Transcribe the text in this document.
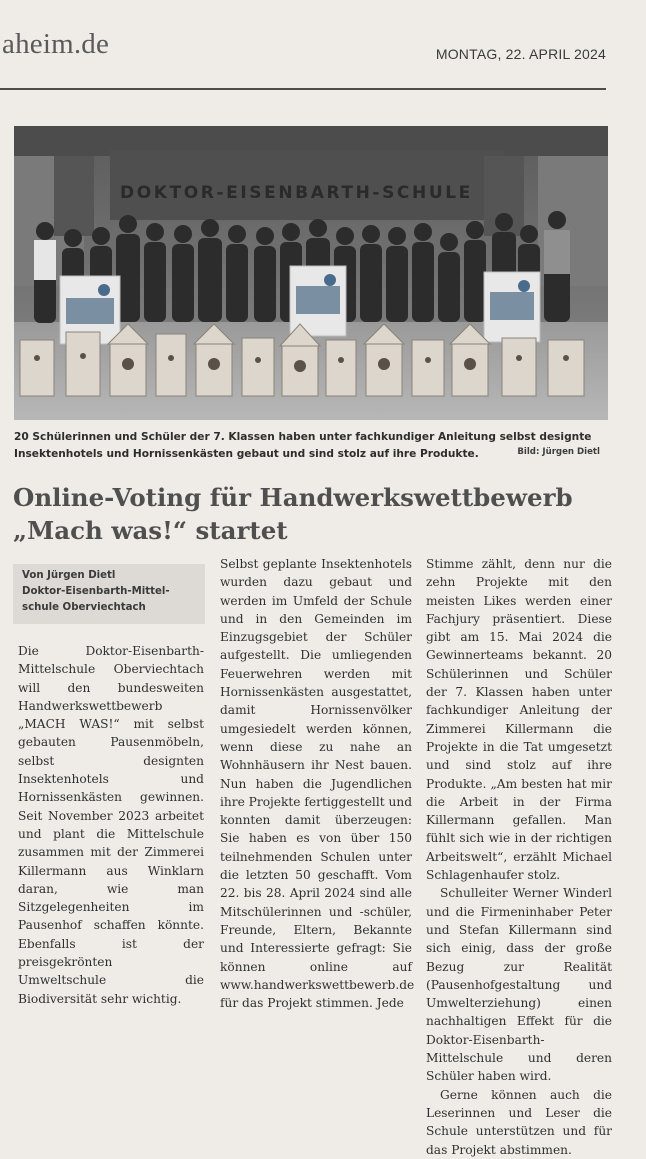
aheim.de	MONTAG, 22. APRIL 2024
DOKTOR-EISENBARTH-SCHULE
20 Schülerinnen und Schüler der 7. Klassen haben unter fachkundiger Anleitung selbst designte Insektenhotels und Hornissenkästen gebaut und sind stolz auf ihre Produkte.	Bild: Jürgen Dietl
Online-Voting für Handwerkswettbewerb
„Mach was!“ startet
Von Jürgen Dietl
Doktor-Eisenbarth-Mittel-
schule Oberviechtach

Die Doktor-Eisenbarth-Mittelschule Oberviechtach will den bundesweiten Handwerkswettbewerb „MACH WAS!“ mit selbst gebauten Pausenmöbeln, selbst designten Insektenhotels und Hornissenkästen gewinnen. Seit November 2023 arbeitet und plant die Mittelschule zusammen mit der Zimmerei Killermann aus Winklarn daran, wie man Sitzgelegenheiten im Pausenhof schaffen könnte. Ebenfalls ist der preisgekrönten Umweltschule die Biodiversität sehr wichtig.

Selbst geplante Insektenhotels wurden dazu gebaut und werden im Umfeld der Schule und in den Gemeinden im Einzugsgebiet der Schüler aufgestellt. Die umliegenden Feuerwehren werden mit Hornissenkästen ausgestattet, damit Hornissenvölker umgesiedelt werden können, wenn diese zu nahe an Wohnhäusern ihr Nest bauen. Nun haben die Jugendlichen ihre Projekte fertiggestellt und konnten damit überzeugen: Sie haben es von über 150 teilnehmenden Schulen unter die letzten 50 geschafft. Vom 22. bis 28. April 2024 sind alle Mitschülerinnen und -schüler, Freunde, Eltern, Bekannte und Interessierte gefragt: Sie können online auf www.handwerkswettbewerb.de für das Projekt stimmen. Jede

Stimme zählt, denn nur die zehn Projekte mit den meisten Likes werden einer Fachjury präsentiert. Diese gibt am 15. Mai 2024 die Gewinnerteams bekannt. 20 Schülerinnen und Schüler der 7. Klassen haben unter fachkundiger Anleitung der Zimmerei Killermann die Projekte in die Tat umgesetzt und sind stolz auf ihre Produkte. „Am besten hat mir die Arbeit in der Firma Killermann gefallen. Man fühlt sich wie in der richtigen Arbeitswelt“, erzählt Michael Schlagenhaufer stolz.

Schulleiter Werner Winderl und die Firmeninhaber Peter und Stefan Killermann sind sich einig, dass der große Bezug zur Realität (Pausenhofgestaltung und Umwelterziehung) einen nachhaltigen Effekt für die Doktor-Eisenbarth-Mittelschule und deren Schüler haben wird.

Gerne können auch die Leserinnen und Leser die Schule unterstützen und für das Projekt abstimmen.
